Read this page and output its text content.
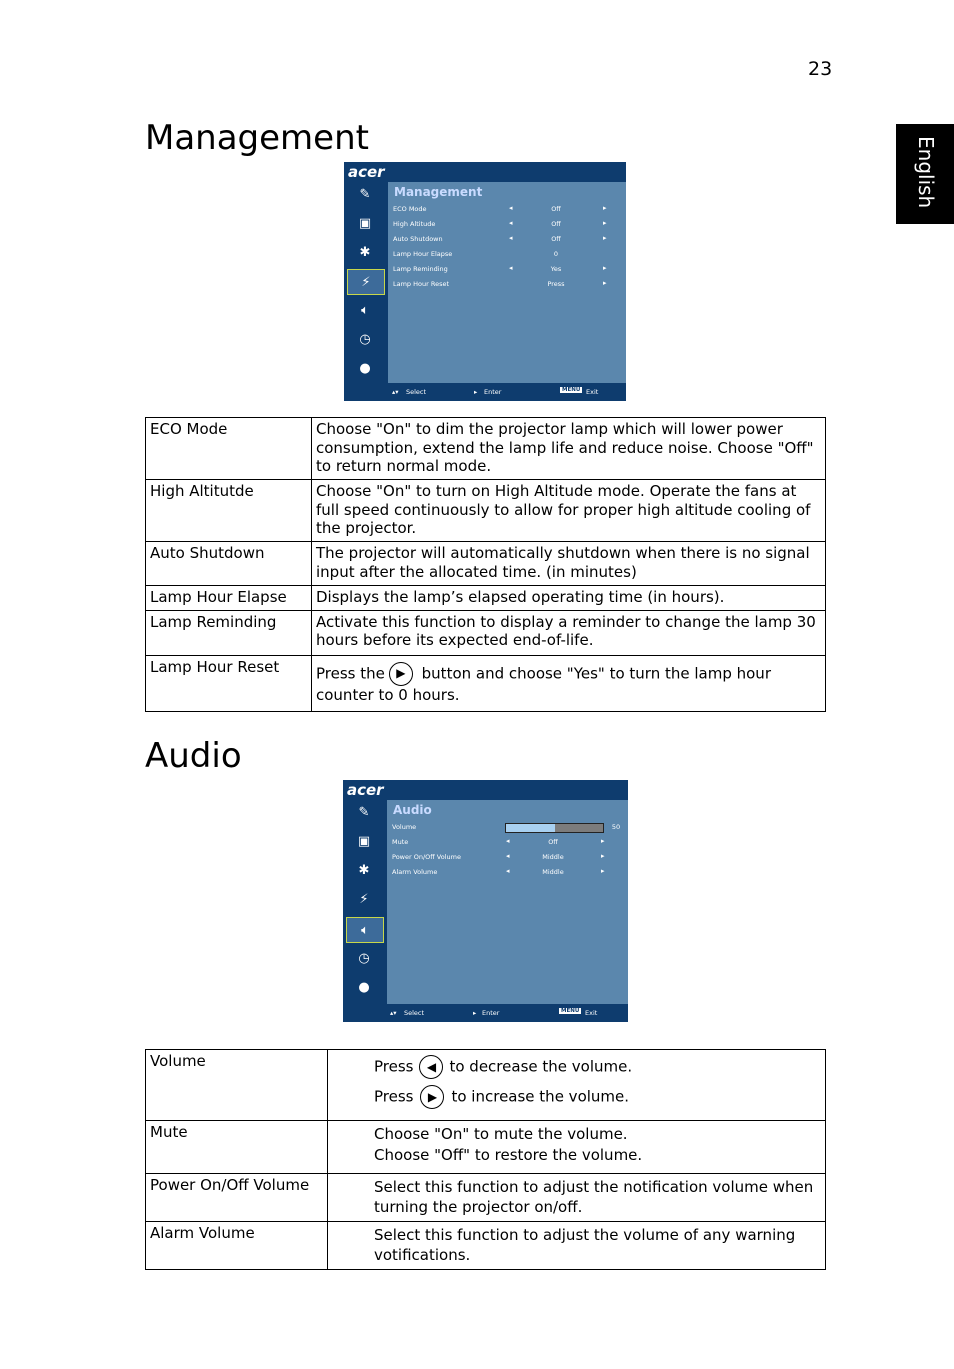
23
English
Management
acer
✎
▣
✱
⚡
🔈︎
◷
●
Management
ECO Mode	◂	Off	▸
High Altitude	◂	Off	▸
Auto Shutdown	◂	Off	▸
Lamp Hour Elapse	0
Lamp Reminding	◂	Yes	▸
Lamp Hour Reset	Press	▸
▴▾ Select	▸ Enter	MENU Exit
ECO Mode	Choose "On" to dim the projector lamp which will lower power consumption, extend the lamp life and reduce noise. Choose "Off" to return normal mode.
High Altitutde	Choose "On" to turn on High Altitude mode. Operate the fans at full speed continuously to allow for proper high altitude cooling of the projector.
Auto Shutdown	The projector will automatically shutdown when there is no signal input after the allocated time. (in minutes)
Lamp Hour Elapse	Displays the lamp’s elapsed operating time (in hours).
Lamp Reminding	Activate this function to display a reminder to change the lamp 30 hours before its expected end-of-life.
Lamp Hour Reset	Press the ▶ button and choose "Yes" to turn the lamp hour counter to 0 hours.
Audio
acer
✎
▣
✱
⚡
🔈︎
◷
●
Audio
Volume	50
Mute	◂	Off	▸
Power On/Off Volume	◂	Middle	▸
Alarm Volume	◂	Middle	▸
▴▾ Select	▸ Enter	MENU Exit
Volume	Press ◀ to decrease the volume.
Press ▶ to increase the volume.

Mute	Choose "On" to mute the volume.
Choose "Off" to restore the volume.

Power On/Off Volume	Select this function to adjust the notification volume when turning the projector on/off.
Alarm Volume	Select this function to adjust the volume of any warning votifications.
